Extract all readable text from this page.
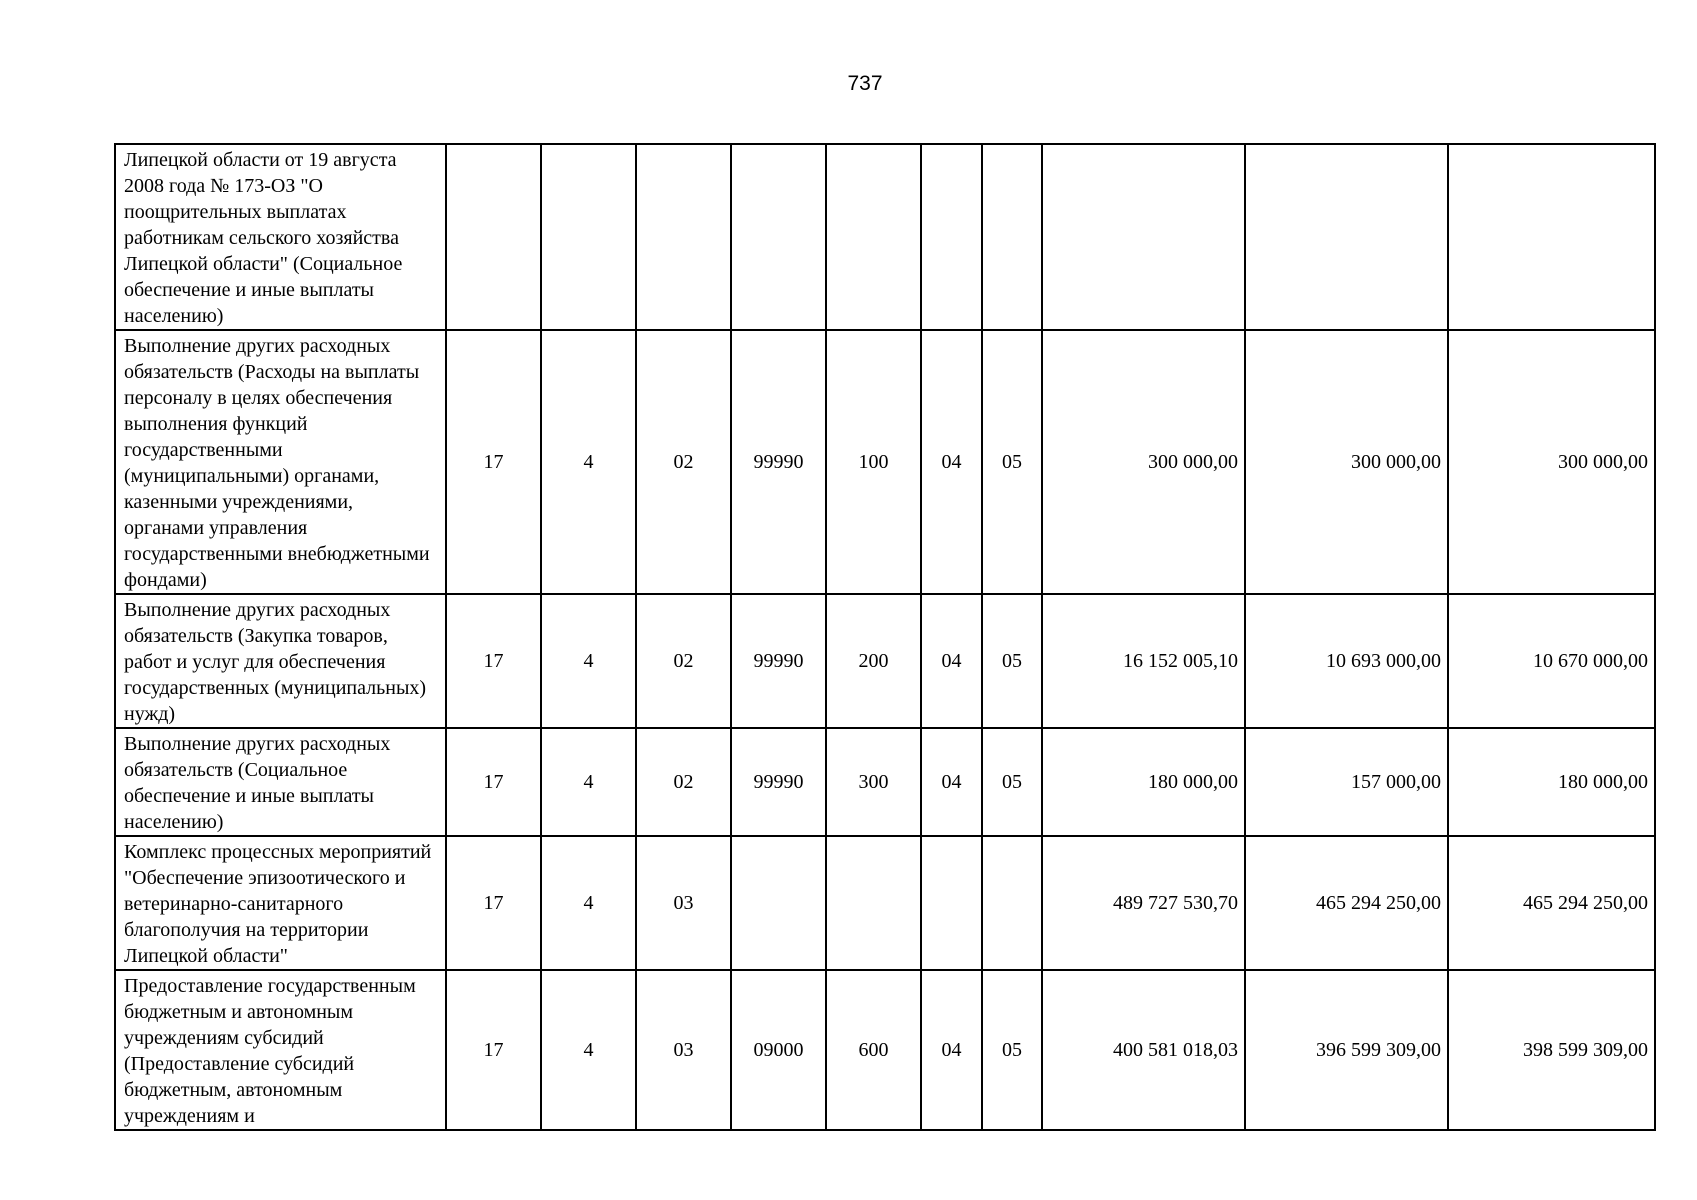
737
Липецкой области от 19 августа 2008 года № 173-ОЗ "О поощрительных выплатах работникам сельского хозяйства Липецкой области" (Социальное обеспечение и иные выплаты населению)										
Выполнение других расходных обязательств (Расходы на выплаты персоналу в целях обеспечения выполнения функций государственными (муниципальными) органами, казенными учреждениями, органами управления государственными внебюджетными фондами)	17	4	02	99990	100	04	05	300 000,00	300 000,00	300 000,00
Выполнение других расходных обязательств (Закупка товаров, работ и услуг для обеспечения государственных (муниципальных) нужд)	17	4	02	99990	200	04	05	16 152 005,10	10 693 000,00	10 670 000,00
Выполнение других расходных обязательств (Социальное обеспечение и иные выплаты населению)	17	4	02	99990	300	04	05	180 000,00	157 000,00	180 000,00
Комплекс процессных мероприятий "Обеспечение эпизоотического и ветеринарно-санитарного благополучия на территории Липецкой области"	17	4	03					489 727 530,70	465 294 250,00	465 294 250,00
Предоставление государственным бюджетным и автономным учреждениям субсидий (Предоставление субсидий бюджетным, автономным учреждениям и	17	4	03	09000	600	04	05	400 581 018,03	396 599 309,00	398 599 309,00
